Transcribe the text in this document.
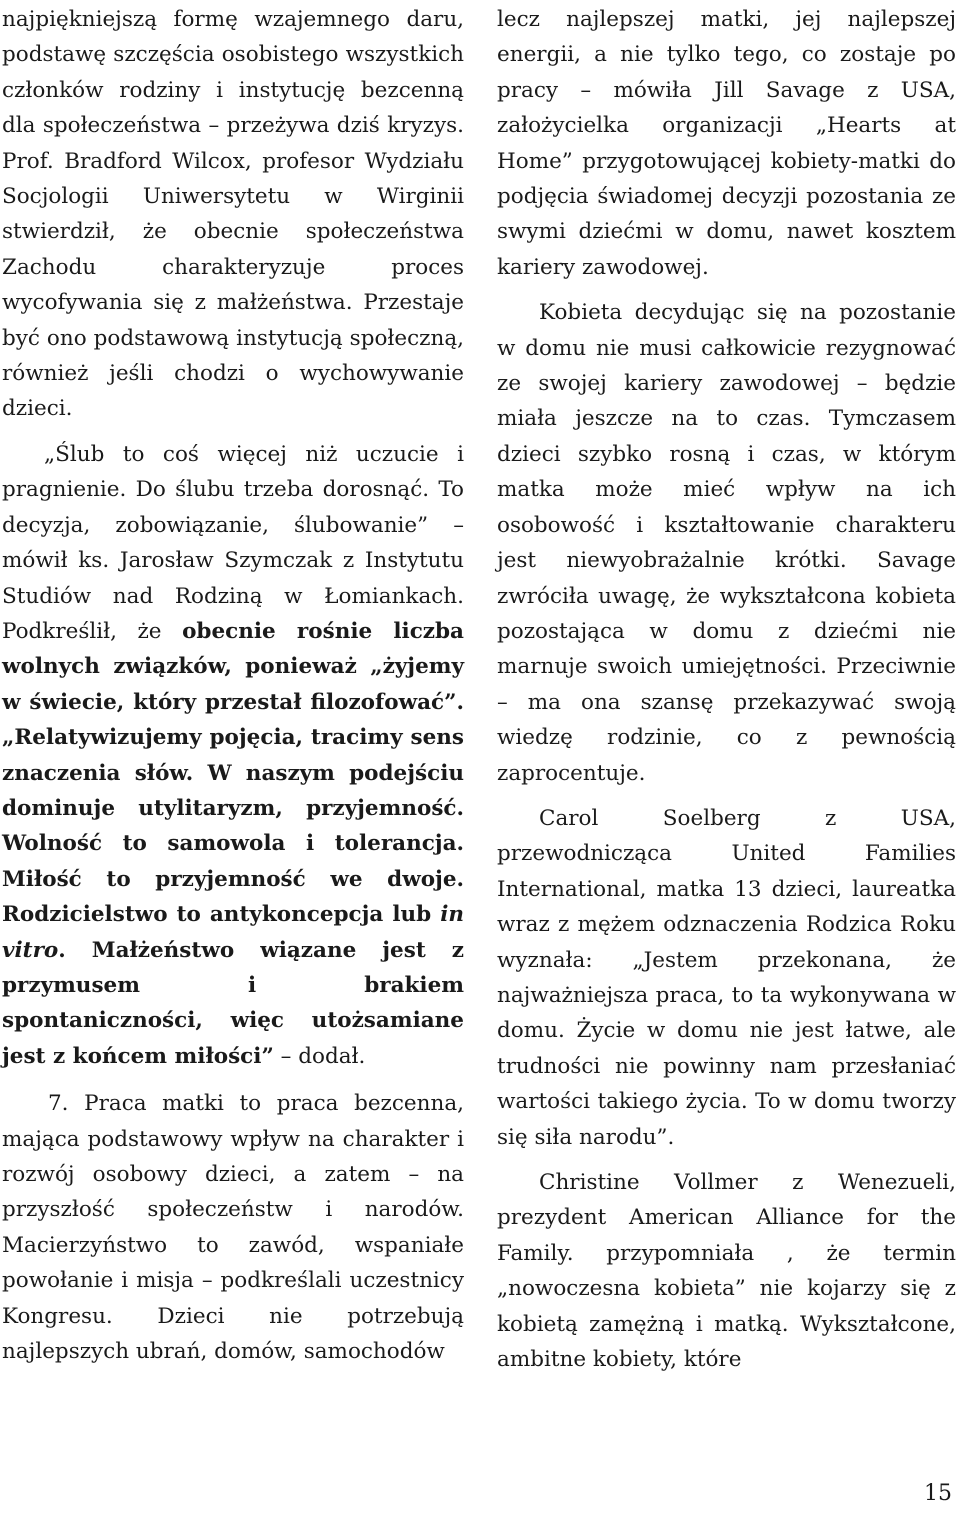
najpiękniejszą formę wzajemnego daru, podstawę szczęścia osobistego wszystkich członków rodziny i instytucję bezcenną dla społeczeństwa – przeżywa dziś kryzys. Prof. Bradford Wilcox, profesor Wydziału Socjologii Uniwersytetu w Wirginii stwierdził, że obecnie społeczeństwa Zachodu charakteryzuje proces wycofywania się z małżeństwa. Przestaje być ono podstawową instytucją społeczną, również jeśli chodzi o wychowywanie dzieci.

„Ślub to coś więcej niż uczucie i pragnienie. Do ślubu trzeba dorosnąć. To decyzja, zobowiązanie, ślubowanie” – mówił ks. Jarosław Szymczak z Instytutu Studiów nad Rodziną w Łomiankach. Podkreślił, że obecnie rośnie liczba wolnych związków, ponieważ „żyjemy w świecie, który przestał filozofować”. „Relatywizujemy pojęcia, tracimy sens znaczenia słów. W naszym podejściu dominuje utylitaryzm, przyjemność. Wolność to samowola i tolerancja. Miłość to przyjemność we dwoje. Rodzicielstwo to antykoncepcja lub in vitro. Małżeństwo wiązane jest z przymusem i brakiem spontaniczności, więc utożsamiane jest z końcem miłości” – dodał.

7. Praca matki to praca bezcenna, mająca podstawowy wpływ na charakter i rozwój osobowy dzieci, a zatem – na przyszłość społeczeństw i narodów. Macierzyństwo to zawód, wspaniałe powołanie i misja – podkreślali uczestnicy Kongresu. Dzieci nie potrzebują najlepszych ubrań, domów, samochodów

lecz najlepszej matki, jej najlepszej energii, a nie tylko tego, co zostaje po pracy – mówiła Jill Savage z USA, założycielka organizacji „Hearts at Home” przygotowującej kobiety-matki do podjęcia świadomej decyzji pozostania ze swymi dziećmi w domu, nawet kosztem kariery zawodowej.

Kobieta decydując się na pozostanie w domu nie musi całkowicie rezygnować ze swojej kariery zawodowej – będzie miała jeszcze na to czas. Tymczasem dzieci szybko rosną i czas, w którym matka może mieć wpływ na ich osobowość i kształtowanie charakteru jest niewyobrażalnie krótki. Savage zwróciła uwagę, że wykształcona kobieta pozostająca w domu z dziećmi nie marnuje swoich umiejętności. Przeciwnie – ma ona szansę przekazywać swoją wiedzę rodzinie, co z pewnością zaprocentuje.

Carol Soelberg z USA, przewodnicząca United Families International, matka 13 dzieci, laureatka wraz z mężem odznaczenia Rodzica Roku wyznała: „Jestem przekonana, że najważniejsza praca, to ta wykonywana w domu. Życie w domu nie jest łatwe, ale trudności nie powinny nam przesłaniać wartości takiego życia. To w domu tworzy się siła narodu”.

Christine Vollmer z Wenezueli, prezydent American Alliance for the Family. przypomniała , że termin „nowoczesna kobieta” nie kojarzy się z kobietą zamężną i matką. Wykształcone, ambitne kobiety, które

15
